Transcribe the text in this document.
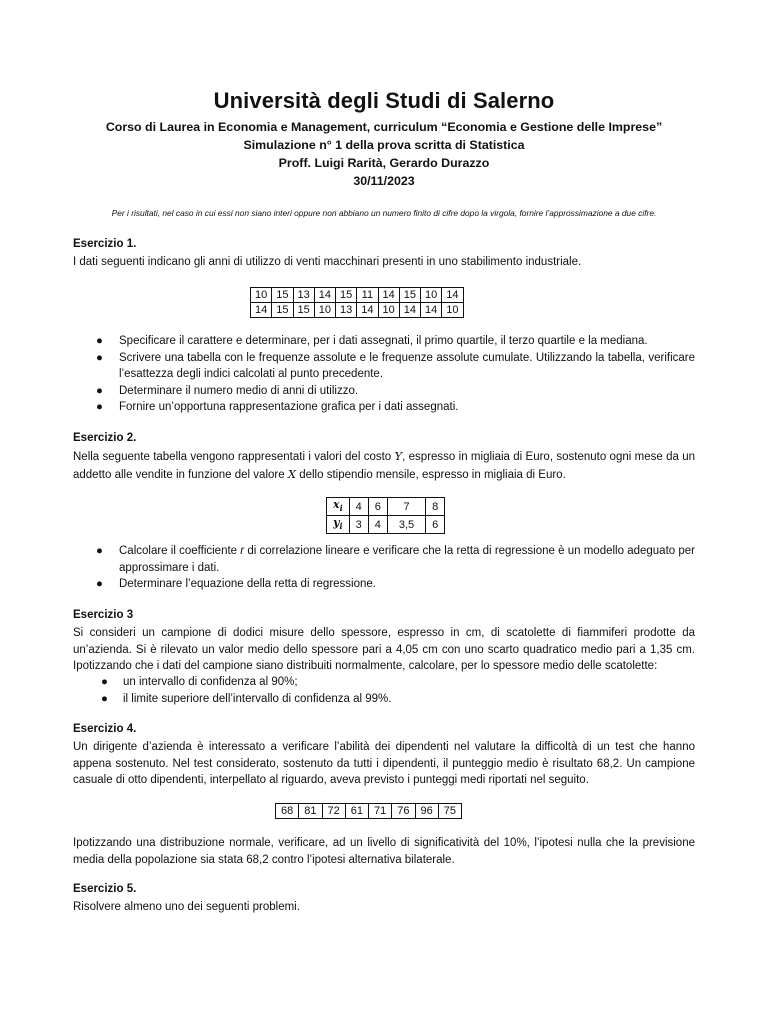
Università degli Studi di Salerno
Corso di Laurea in Economia e Management, curriculum “Economia e Gestione delle Imprese”
Simulazione n° 1 della prova scritta di Statistica
Proff. Luigi Rarità, Gerardo Durazzo
30/11/2023
Per i risultati, nel caso in cui essi non siano interi oppure non abbiano un numero finito di cifre dopo la virgola, fornire l’approssimazione a due cifre.
Esercizio 1.
I dati seguenti indicano gli anni di utilizzo di venti macchinari presenti in uno stabilimento industriale.
10	15	13	14	15	11	14	15	10	14
14	15	15	10	13	14	10	14	14	10
● Specificare il carattere e determinare, per i dati assegnati, il primo quartile, il terzo quartile e la mediana.
● Scrivere una tabella con le frequenze assolute e le frequenze assolute cumulate. Utilizzando la tabella, verificare l’esattezza degli indici calcolati al punto precedente.
● Determinare il numero medio di anni di utilizzo.
● Fornire un’opportuna rappresentazione grafica per i dati assegnati.
Esercizio 2.
Nella seguente tabella vengono rappresentati i valori del costo Y, espresso in migliaia di Euro, sostenuto ogni mese da un addetto alle vendite in funzione del valore X dello stipendio mensile, espresso in migliaia di Euro.
$x_i$	4	6	7	8
$y_i$	3	4	3,5	6
● Calcolare il coefficiente r di correlazione lineare e verificare che la retta di regressione è un modello adeguato per approssimare i dati.
● Determinare l’equazione della retta di regressione.
Esercizio 3
Si consideri un campione di dodici misure dello spessore, espresso in cm, di scatolette di fiammiferi prodotte da un’azienda. Si è rilevato un valor medio dello spessore pari a 4,05 cm con uno scarto quadratico medio pari a 1,35 cm. Ipotizzando che i dati del campione siano distribuiti normalmente, calcolare, per lo spessore medio delle scatolette:
● un intervallo di confidenza al 90%;
● il limite superiore dell’intervallo di confidenza al 99%.
Esercizio 4.
Un dirigente d’azienda è interessato a verificare l’abilità dei dipendenti nel valutare la difficoltà di un test che hanno appena sostenuto. Nel test considerato, sostenuto da tutti i dipendenti, il punteggio medio è risultato 68,2. Un campione casuale di otto dipendenti, interpellato al riguardo, aveva previsto i punteggi medi riportati nel seguito.
68	81	72	61	71	76	96	75
Ipotizzando una distribuzione normale, verificare, ad un livello di significatività del 10%, l’ipotesi nulla che la previsione media della popolazione sia stata 68,2 contro l’ipotesi alternativa bilaterale.
Esercizio 5.
Risolvere almeno uno dei seguenti problemi.
